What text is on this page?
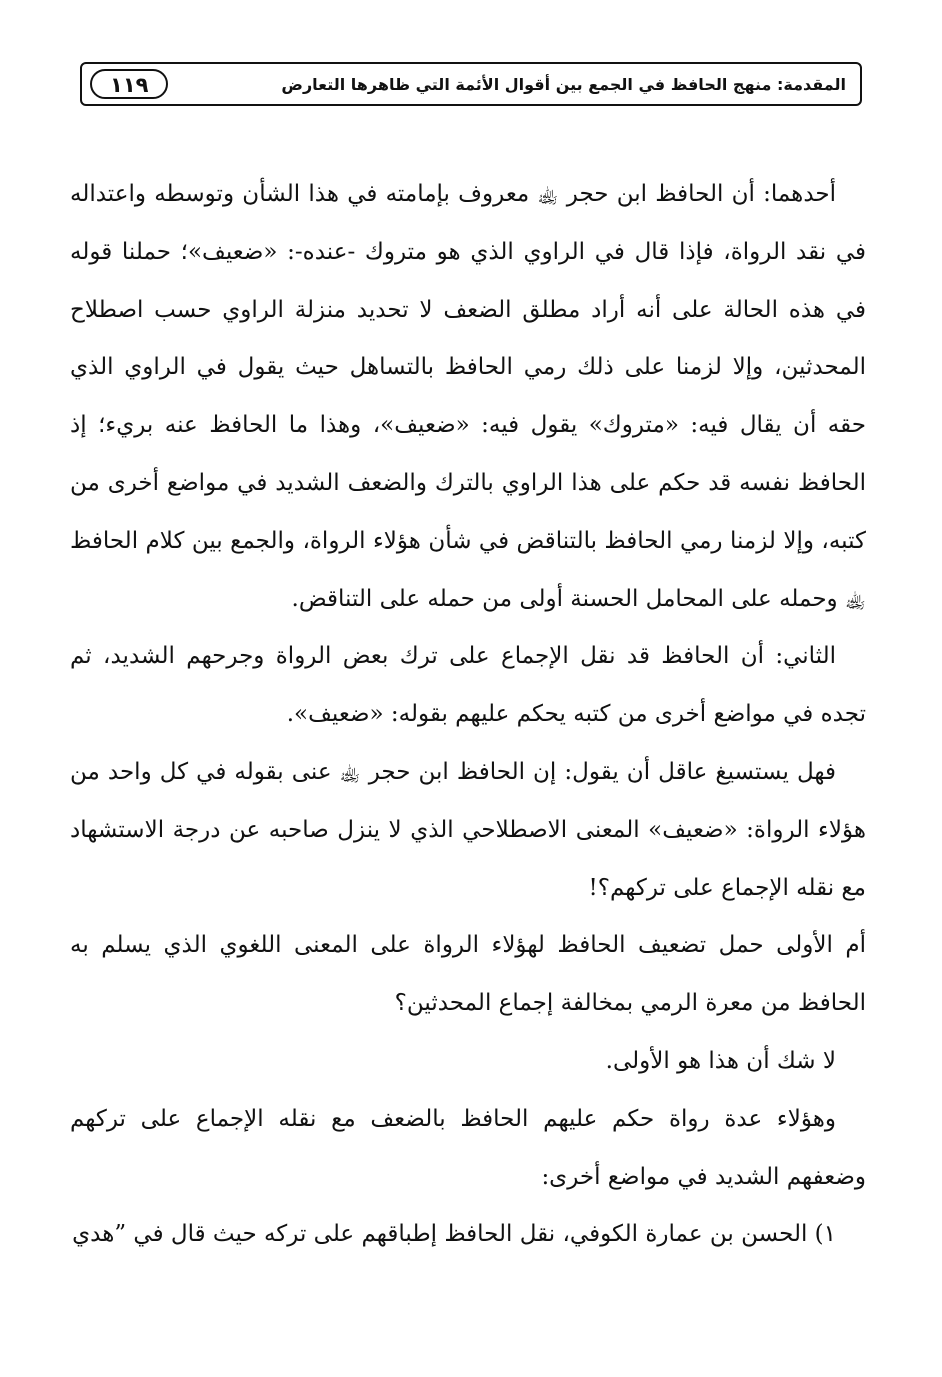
المقدمة: منهج الحافظ في الجمع بين أقوال الأئمة التي ظاهرها التعارض
١١٩

أحدهما: أن الحافظ ابن حجر ﵀ معروف بإمامته في هذا الشأن وتوسطه واعتداله في نقد الرواة، فإذا قال في الراوي الذي هو متروك -عنده-: «ضعيف»؛ حملنا قوله في هذه الحالة على أنه أراد مطلق الضعف لا تحديد منزلة الراوي حسب اصطلاح المحدثين، وإلا لزمنا على ذلك رمي الحافظ بالتساهل حيث يقول في الراوي الذي حقه أن يقال فيه: «متروك» يقول فيه: «ضعيف»، وهذا ما الحافظ عنه بريء؛ إذ الحافظ نفسه قد حكم على هذا الراوي بالترك والضعف الشديد في مواضع أخرى من كتبه، وإلا لزمنا رمي الحافظ بالتناقض في شأن هؤلاء الرواة، والجمع بين كلام الحافظ ﵀ وحمله على المحامل الحسنة أولى من حمله على التناقض.

الثاني: أن الحافظ قد نقل الإجماع على ترك بعض الرواة وجرحهم الشديد، ثم تجده في مواضع أخرى من كتبه يحكم عليهم بقوله: «ضعيف».

فهل يستسيغ عاقل أن يقول: إن الحافظ ابن حجر ﵀ عنى بقوله في كل واحد من هؤلاء الرواة: «ضعيف» المعنى الاصطلاحي الذي لا ينزل صاحبه عن درجة الاستشهاد مع نقله الإجماع على تركهم؟!

أم الأولى حمل تضعيف الحافظ لهؤلاء الرواة على المعنى اللغوي الذي يسلم به الحافظ من معرة الرمي بمخالفة إجماع المحدثين؟

لا شك أن هذا هو الأولى.

وهؤلاء عدة رواة حكم عليهم الحافظ بالضعف مع نقله الإجماع على تركهم وضعفهم الشديد في مواضع أخرى:

١) الحسن بن عمارة الكوفي، نقل الحافظ إطباقهم على تركه حيث قال في ”هدي
